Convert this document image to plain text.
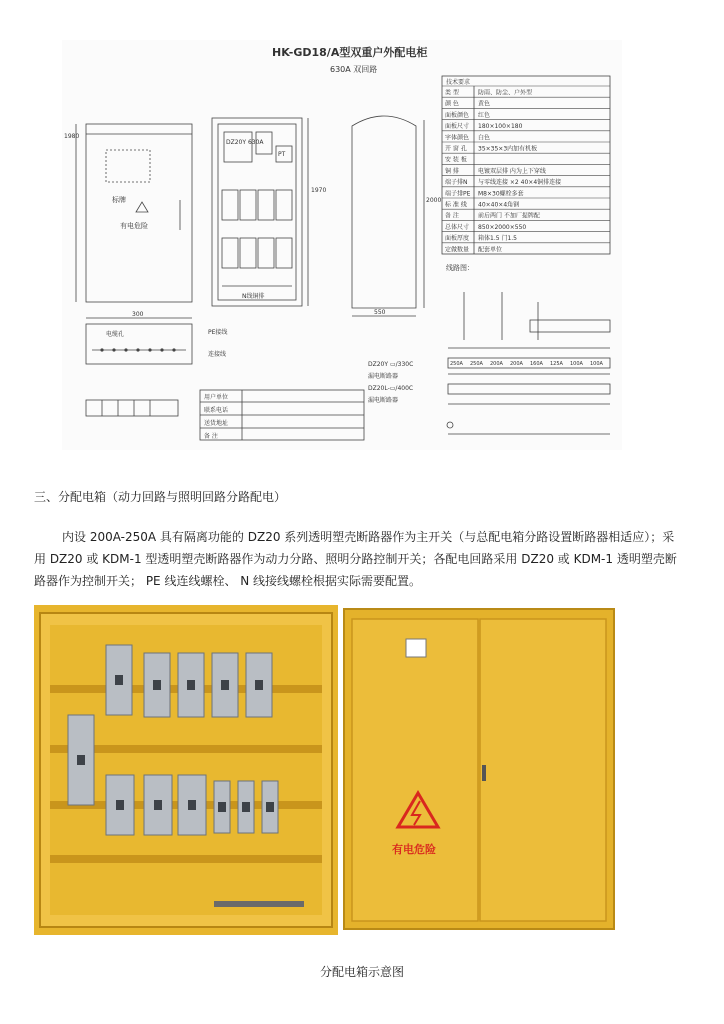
HK-GD18/A型双重户外配电柜
630A 双回路
标牌
有电危险
1980
DZ20Y 630A
PT
N线铜排
1970
2000
550
300
电缆孔	PE接线
连接线
用户单位
联系电话
送货地址
备 注
DZ20Y ▭/330C
漏电断路器
DZ20L-▭/400C
漏电断路器
技术要求
线路图：
类 型	防雨、防尘、户外型
颜 色	黄色
面板颜色 红色
面板尺寸 180×100×180
字体颜色 白色
开 窗 孔 35×35×3内加有机板
安 装 板
铜 排	电镀双层排 内为上下穿线
端子排N 与零线连接 ×2 40×4铜排连接
端子排PE M8×30螺栓多套
标 准 线 40×40×4角钢
备 注	前后两门 不加厂提牌配
总体尺寸 850×2000×550
面板厚度 箱体1.5 门1.5
定做数量 配套单位
250A 250A 200A 200A 160A 125A 100A 100A
三、分配电箱（动力回路与照明回路分路配电）
内设 200A-250A 具有隔离功能的 DZ20 系列透明塑壳断路器作为主开关（与总配电箱分路设置断路器相适应）；采用 DZ20 或 KDM-1 型透明塑壳断路器作为动力分路、照明分路控制开关；各配电回路采用 DZ20 或 KDM-1 透明塑壳断路器作为控制开关； PE 线连线螺栓、 N 线接线螺栓根据实际需要配置。
有电危险
分配电箱示意图
